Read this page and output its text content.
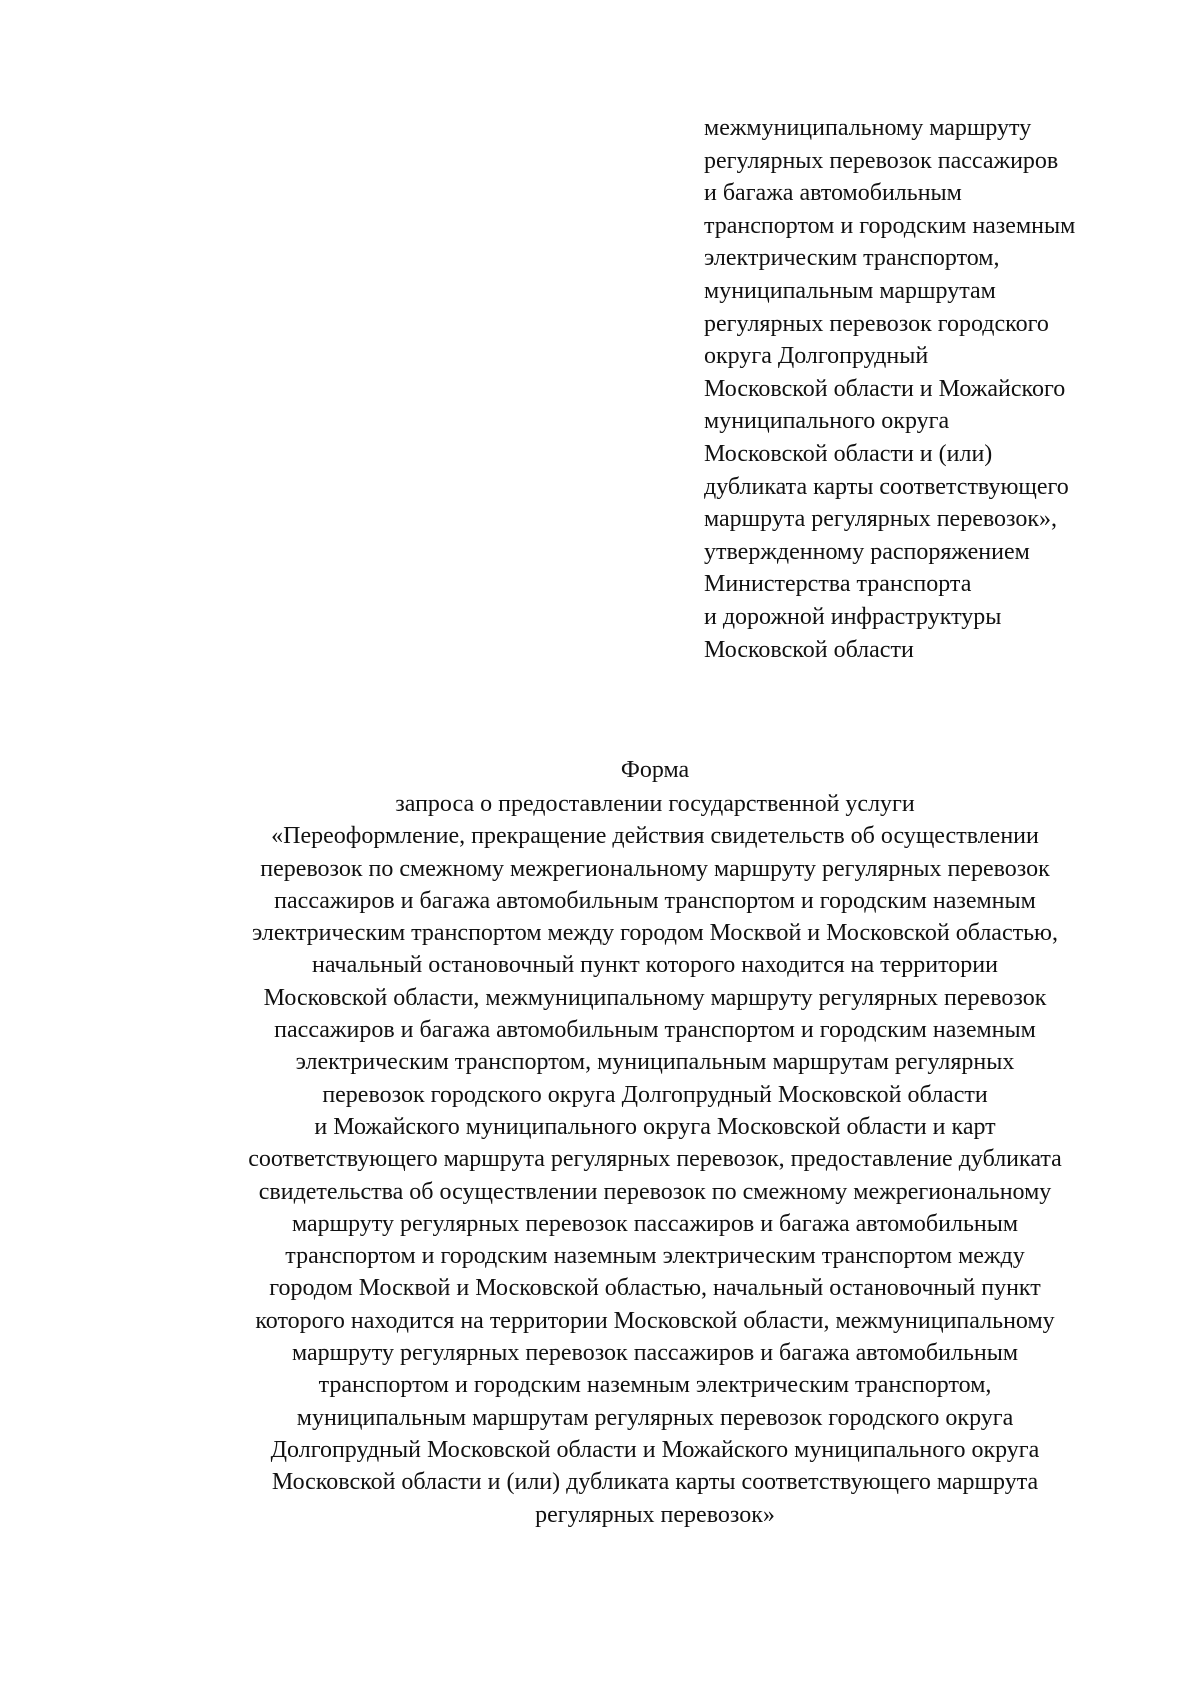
межмуниципальному маршруту
регулярных перевозок пассажиров
и багажа автомобильным
транспортом и городским наземным
электрическим транспортом,
муниципальным маршрутам
регулярных перевозок городского
округа Долгопрудный
Московской области и Можайского
муниципального округа
Московской области и (или)
дубликата карты соответствующего
маршрута регулярных перевозок»,
утвержденному распоряжением
Министерства транспорта
и дорожной инфраструктуры
Московской области
Форма
запроса о предоставлении государственной услуги
«Переоформление, прекращение действия свидетельств об осуществлении
перевозок по смежному межрегиональному маршруту регулярных перевозок
пассажиров и багажа автомобильным транспортом и городским наземным
электрическим транспортом между городом Москвой и Московской областью,
начальный остановочный пункт которого находится на территории
Московской области, межмуниципальному маршруту регулярных перевозок
пассажиров и багажа автомобильным транспортом и городским наземным
электрическим транспортом, муниципальным маршрутам регулярных
перевозок городского округа Долгопрудный Московской области
и Можайского муниципального округа Московской области и карт
соответствующего маршрута регулярных перевозок, предоставление дубликата
свидетельства об осуществлении перевозок по смежному межрегиональному
маршруту регулярных перевозок пассажиров и багажа автомобильным
транспортом и городским наземным электрическим транспортом между
городом Москвой и Московской областью, начальный остановочный пункт
которого находится на территории Московской области, межмуниципальному
маршруту регулярных перевозок пассажиров и багажа автомобильным
транспортом и городским наземным электрическим транспортом,
муниципальным маршрутам регулярных перевозок городского округа
Долгопрудный Московской области и Можайского муниципального округа
Московской области и (или) дубликата карты соответствующего маршрута
регулярных перевозок»
